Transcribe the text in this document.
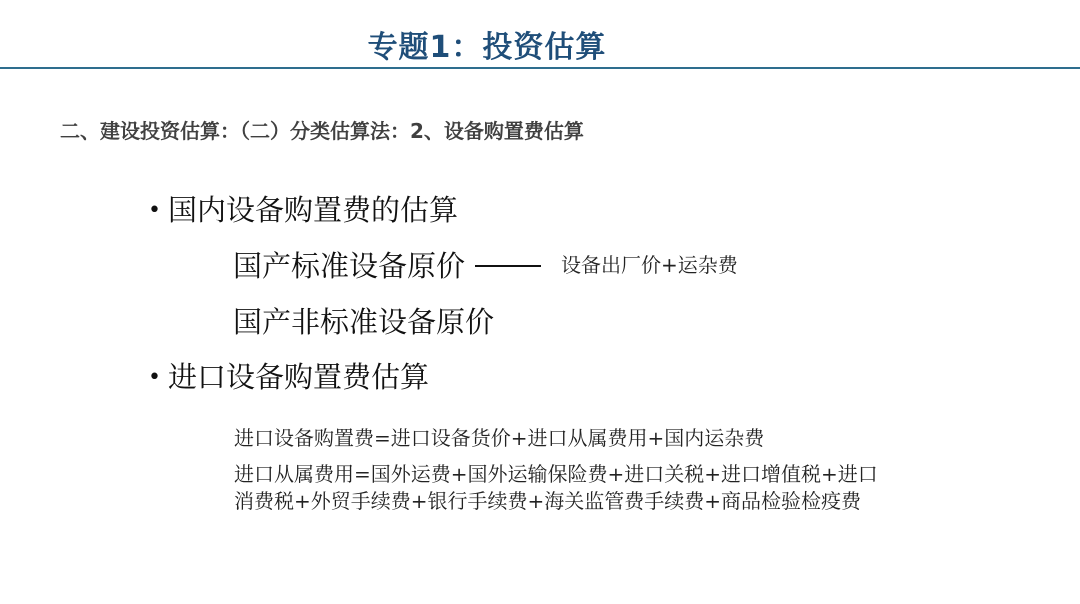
专题1：投资估算
二、建设投资估算：（二）分类估算法：2、设备购置费估算
• 国内设备购置费的估算
国产标准设备原价	设备出厂价+运杂费
国产非标准设备原价
• 进口设备购置费估算
进口设备购置费=进口设备货价+进口从属费用+国内运杂费
进口从属费用=国外运费+国外运输保险费+进口关税+进口增值税+进口
消费税+外贸手续费+银行手续费+海关监管费手续费+商品检验检疫费
